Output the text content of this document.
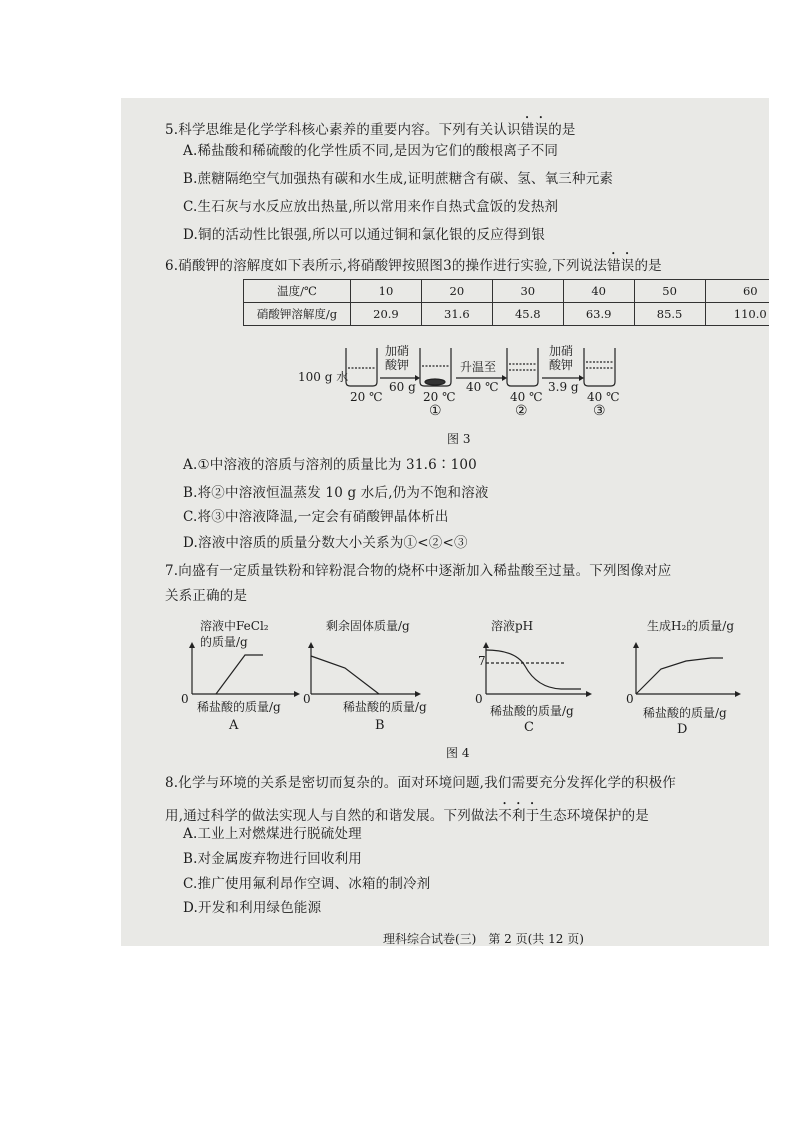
5.科学思维是化学学科核心素养的重要内容。下列有关认识错误的是
A.稀盐酸和稀硫酸的化学性质不同,是因为它们的酸根离子不同
B.蔗糖隔绝空气加强热有碳和水生成,证明蔗糖含有碳、氢、氧三种元素
C.生石灰与水反应放出热量,所以常用来作自热式盒饭的发热剂
D.铜的活动性比银强,所以可以通过铜和氯化银的反应得到银
6.硝酸钾的溶解度如下表所示,将硝酸钾按照图3的操作进行实验,下列说法错误的是
温度/℃	10	20	30	40	50	60
硝酸钾溶解度/g	20.9	31.6	45.8	63.9	85.5	110.0
100 g 水
加硝
酸钾
60 g
升温至
40 ℃
加硝
酸钾
3.9 g
20 ℃	20 ℃	40 ℃	40 ℃
①	②	③
图 3
A.①中溶液的溶质与溶剂的质量比为 31.6∶100
B.将②中溶液恒温蒸发 10 g 水后,仍为不饱和溶液
C.将③中溶液降温,一定会有硝酸钾晶体析出
D.溶液中溶质的质量分数大小关系为①<②<③
7.向盛有一定质量铁粉和锌粉混合物的烧杯中逐渐加入稀盐酸至过量。下列图像对应
关系正确的是
溶液中FeCl₂
的质量/g
0
稀盐酸的质量/g
A
剩余固体质量/g
0
稀盐酸的质量/g
B
溶液pH
7
0
稀盐酸的质量/g
C
生成H₂的质量/g
0
稀盐酸的质量/g
D
图 4
8.化学与环境的关系是密切而复杂的。面对环境问题,我们需要充分发挥化学的积极作
用,通过科学的做法实现人与自然的和谐发展。下列做法不利于生态环境保护的是
A.工业上对燃煤进行脱硫处理
B.对金属废弃物进行回收利用
C.推广使用氟利昂作空调、冰箱的制冷剂
D.开发和利用绿色能源
理科综合试卷(三)　第 2 页(共 12 页)
